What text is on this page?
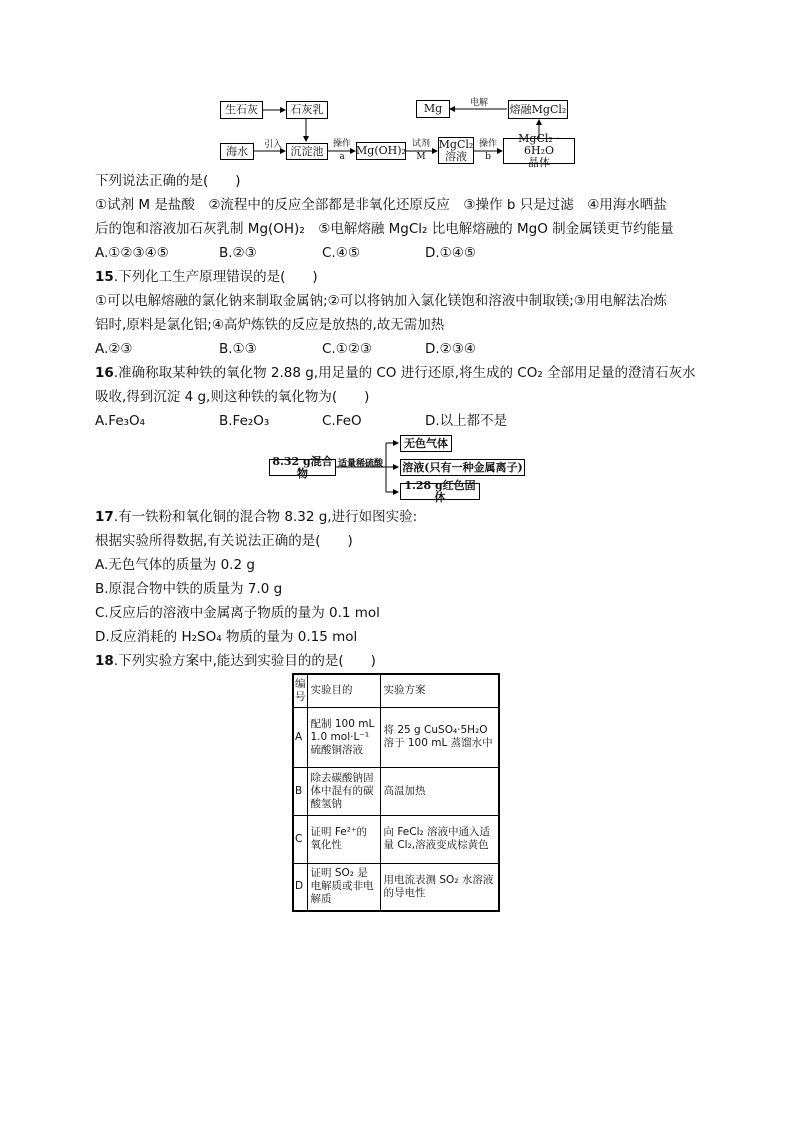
生石灰	石灰乳
海水	沉淀池	Mg(OH)₂	MgCl₂
溶液
MgCl₂ · 6H₂O
晶体
Mg	熔融MgCl₂
引入	操作
a
试剂
M
操作
b
电解
下列说法正确的是(　　)
①试剂 M 是盐酸　②流程中的反应全部都是非氧化还原反应　③操作 b 只是过滤　④用海水晒盐
后的饱和溶液加石灰乳制 Mg(OH)₂　⑤电解熔融 MgCl₂ 比电解熔融的 MgO 制金属镁更节约能量
A.①②③④⑤	B.②③	C.④⑤	D.①④⑤
15.下列化工生产原理错误的是(　　)
①可以电解熔融的氯化钠来制取金属钠;②可以将钠加入氯化镁饱和溶液中制取镁;③用电解法冶炼
铝时,原料是氯化铝;④高炉炼铁的反应是放热的,故无需加热
A.②③	B.①③	C.①②③	D.②③④
16.准确称取某种铁的氧化物 2.88 g,用足量的 CO 进行还原,将生成的 CO₂ 全部用足量的澄清石灰水
吸收,得到沉淀 4 g,则这种铁的氧化物为(　　)
A.Fe₃O₄	B.Fe₂O₃	C.FeO	D.以上都不是
8.32 g混合物
适量稀硫酸
无色气体
溶液(只有一种金属离子)
1.28 g红色固体
17.有一铁粉和氧化铜的混合物 8.32 g,进行如图实验:
根据实验所得数据,有关说法正确的是(　　)
A.无色气体的质量为 0.2 g
B.原混合物中铁的质量为 7.0 g
C.反应后的溶液中金属离子物质的量为 0.1 mol
D.反应消耗的 H₂SO₄ 物质的量为 0.15 mol
18.下列实验方案中,能达到实验目的的是(　　)
编号	实验目的	实验方案
A	配制 100 mL 1.0 mol·L⁻¹硫酸铜溶液	将 25 g CuSO₄·5H₂O 溶于 100 mL 蒸馏水中
B	除去碳酸钠固体中混有的碳酸氢钠	高温加热
C	证明 Fe²⁺的氧化性	向 FeCl₂ 溶液中通入适量 Cl₂,溶液变成棕黄色
D	证明 SO₂ 是电解质或非电解质	用电流表测 SO₂ 水溶液的导电性
